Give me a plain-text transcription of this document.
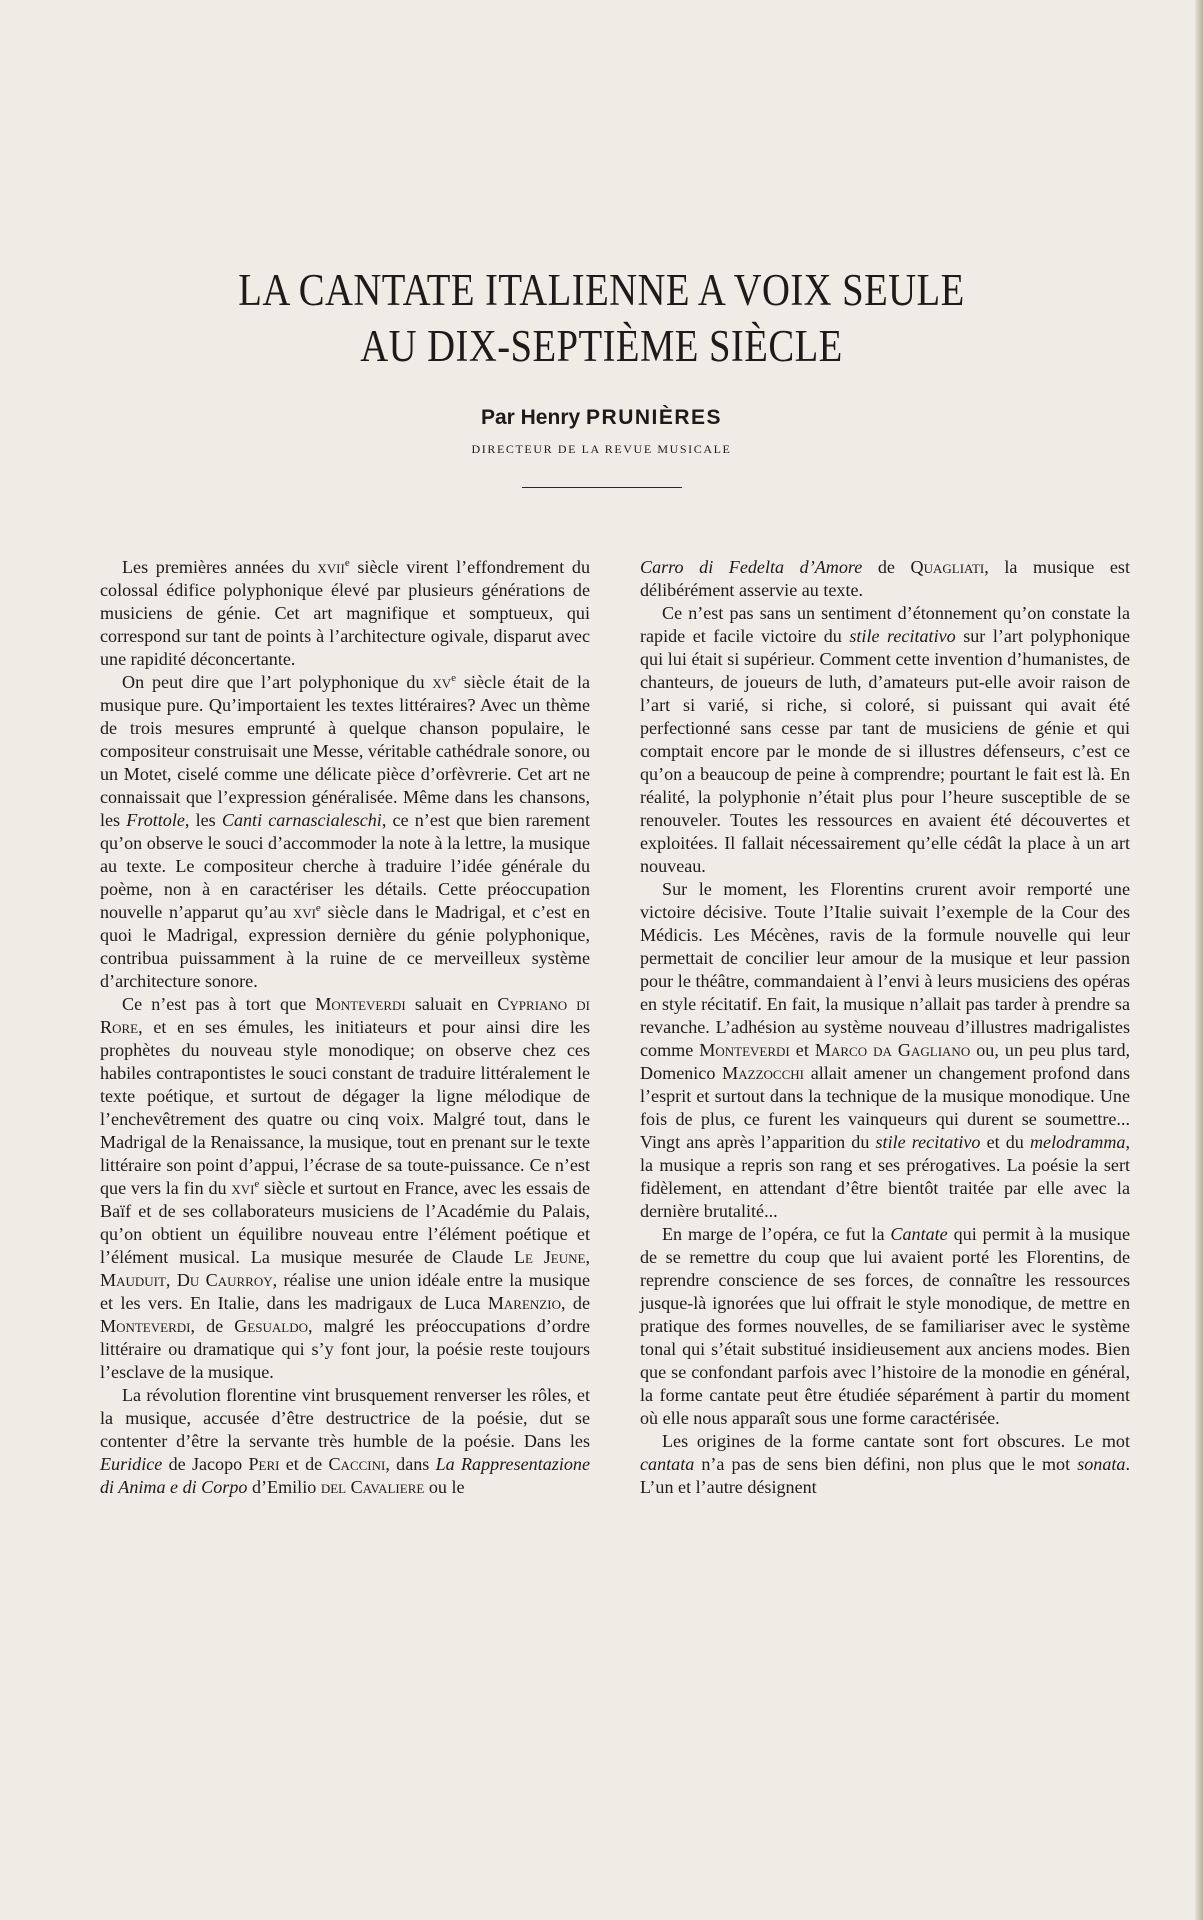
LA CANTATE ITALIENNE A VOIX SEULE
AU DIX-SEPTIÈME SIÈCLE
Par Henry PRUNIÈRES
DIRECTEUR DE LA REVUE MUSICALE

Les premières années du xvii$^e$ siècle virent l’effondrement du colossal édifice polyphonique élevé par plusieurs générations de musiciens de génie. Cet art magnifique et somptueux, qui correspond sur tant de points à l’architecture ogivale, disparut avec une rapidité déconcertante.

On peut dire que l’art polyphonique du $xv^e$ siècle était de la musique pure. Qu’importaient les textes littéraires? Avec un thème de trois mesures emprunté à quelque chanson populaire, le compositeur construisait une Messe, véritable cathédrale sonore, ou un Motet, ciselé comme une délicate pièce d’orfèvrerie. Cet art ne connaissait que l’expression généralisée. Même dans les chansons, les Frottole, les Canti carnascialeschi, ce n’est que bien rarement qu’on observe le souci d’accommoder la note à la lettre, la musique au texte. Le compositeur cherche à traduire l’idée générale du poème, non à en caractériser les détails. Cette préoccupation nouvelle n’apparut qu’au xvi$^e$ siècle dans le Madrigal, et c’est en quoi le Madrigal, expression dernière du génie polyphonique, contribua puissamment à la ruine de ce merveilleux système d’architecture sonore.

Ce n’est pas à tort que Monteverdi saluait en Cypriano di Rore, et en ses émules, les initiateurs et pour ainsi dire les prophètes du nouveau style monodique; on observe chez ces habiles contrapontistes le souci constant de traduire littéralement le texte poétique, et surtout de dégager la ligne mélodique de l’enchevêtrement des quatre ou cinq voix. Malgré tout, dans le Madrigal de la Renaissance, la musique, tout en prenant sur le texte littéraire son point d’appui, l’écrase de sa toute-puissance. Ce n’est que vers la fin du xvi$^e$ siècle et surtout en France, avec les essais de Baïf et de ses collaborateurs musiciens de l’Académie du Palais, qu’on obtient un équilibre nouveau entre l’élément poétique et l’élément musical. La musique mesurée de Claude Le Jeune, Mauduit, Du Caurroy, réalise une union idéale entre la musique et les vers. En Italie, dans les madrigaux de Luca Marenzio, de Monteverdi, de Gesualdo, malgré les préoccupations d’ordre littéraire ou dramatique qui s’y font jour, la poésie reste toujours l’esclave de la musique.

La révolution florentine vint brusquement renverser les rôles, et la musique, accusée d’être destructrice de la poésie, dut se contenter d’être la servante très humble de la poésie. Dans les Euridice de Jacopo Peri et de Caccini, dans La Rappresentazione di Anima e di Corpo d’Emilio del Cavaliere ou le

Carro di Fedelta d’Amore de Quagliati, la musique est délibérément asservie au texte.

Ce n’est pas sans un sentiment d’étonnement qu’on constate la rapide et facile victoire du stile recitativo sur l’art polyphonique qui lui était si supérieur. Comment cette invention d’humanistes, de chanteurs, de joueurs de luth, d’amateurs put-elle avoir raison de l’art si varié, si riche, si coloré, si puissant qui avait été perfectionné sans cesse par tant de musiciens de génie et qui comptait encore par le monde de si illustres défenseurs, c’est ce qu’on a beaucoup de peine à comprendre; pourtant le fait est là. En réalité, la polyphonie n’était plus pour l’heure susceptible de se renouveler. Toutes les ressources en avaient été découvertes et exploitées. Il fallait nécessairement qu’elle cédât la place à un art nouveau.

Sur le moment, les Florentins crurent avoir remporté une victoire décisive. Toute l’Italie suivait l’exemple de la Cour des Médicis. Les Mécènes, ravis de la formule nouvelle qui leur permettait de concilier leur amour de la musique et leur passion pour le théâtre, commandaient à l’envi à leurs musiciens des opéras en style récitatif. En fait, la musique n’allait pas tarder à prendre sa revanche. L’adhésion au système nouveau d’illustres madrigalistes comme Monteverdi et Marco da Gagliano ou, un peu plus tard, Domenico Mazzocchi allait amener un changement profond dans l’esprit et surtout dans la technique de la musique monodique. Une fois de plus, ce furent les vainqueurs qui durent se soumettre... Vingt ans après l’apparition du stile recitativo et du melodramma, la musique a repris son rang et ses prérogatives. La poésie la sert fidèlement, en attendant d’être bientôt traitée par elle avec la dernière brutalité...

En marge de l’opéra, ce fut la Cantate qui permit à la musique de se remettre du coup que lui avaient porté les Florentins, de reprendre conscience de ses forces, de connaître les ressources jusque-là ignorées que lui offrait le style monodique, de mettre en pratique des formes nouvelles, de se familiariser avec le système tonal qui s’était substitué insidieusement aux anciens modes. Bien que se confondant parfois avec l’histoire de la monodie en général, la forme cantate peut être étudiée séparément à partir du moment où elle nous apparaît sous une forme caractérisée.

Les origines de la forme cantate sont fort obscures. Le mot cantata n’a pas de sens bien défini, non plus que le mot sonata. L’un et l’autre désignent
